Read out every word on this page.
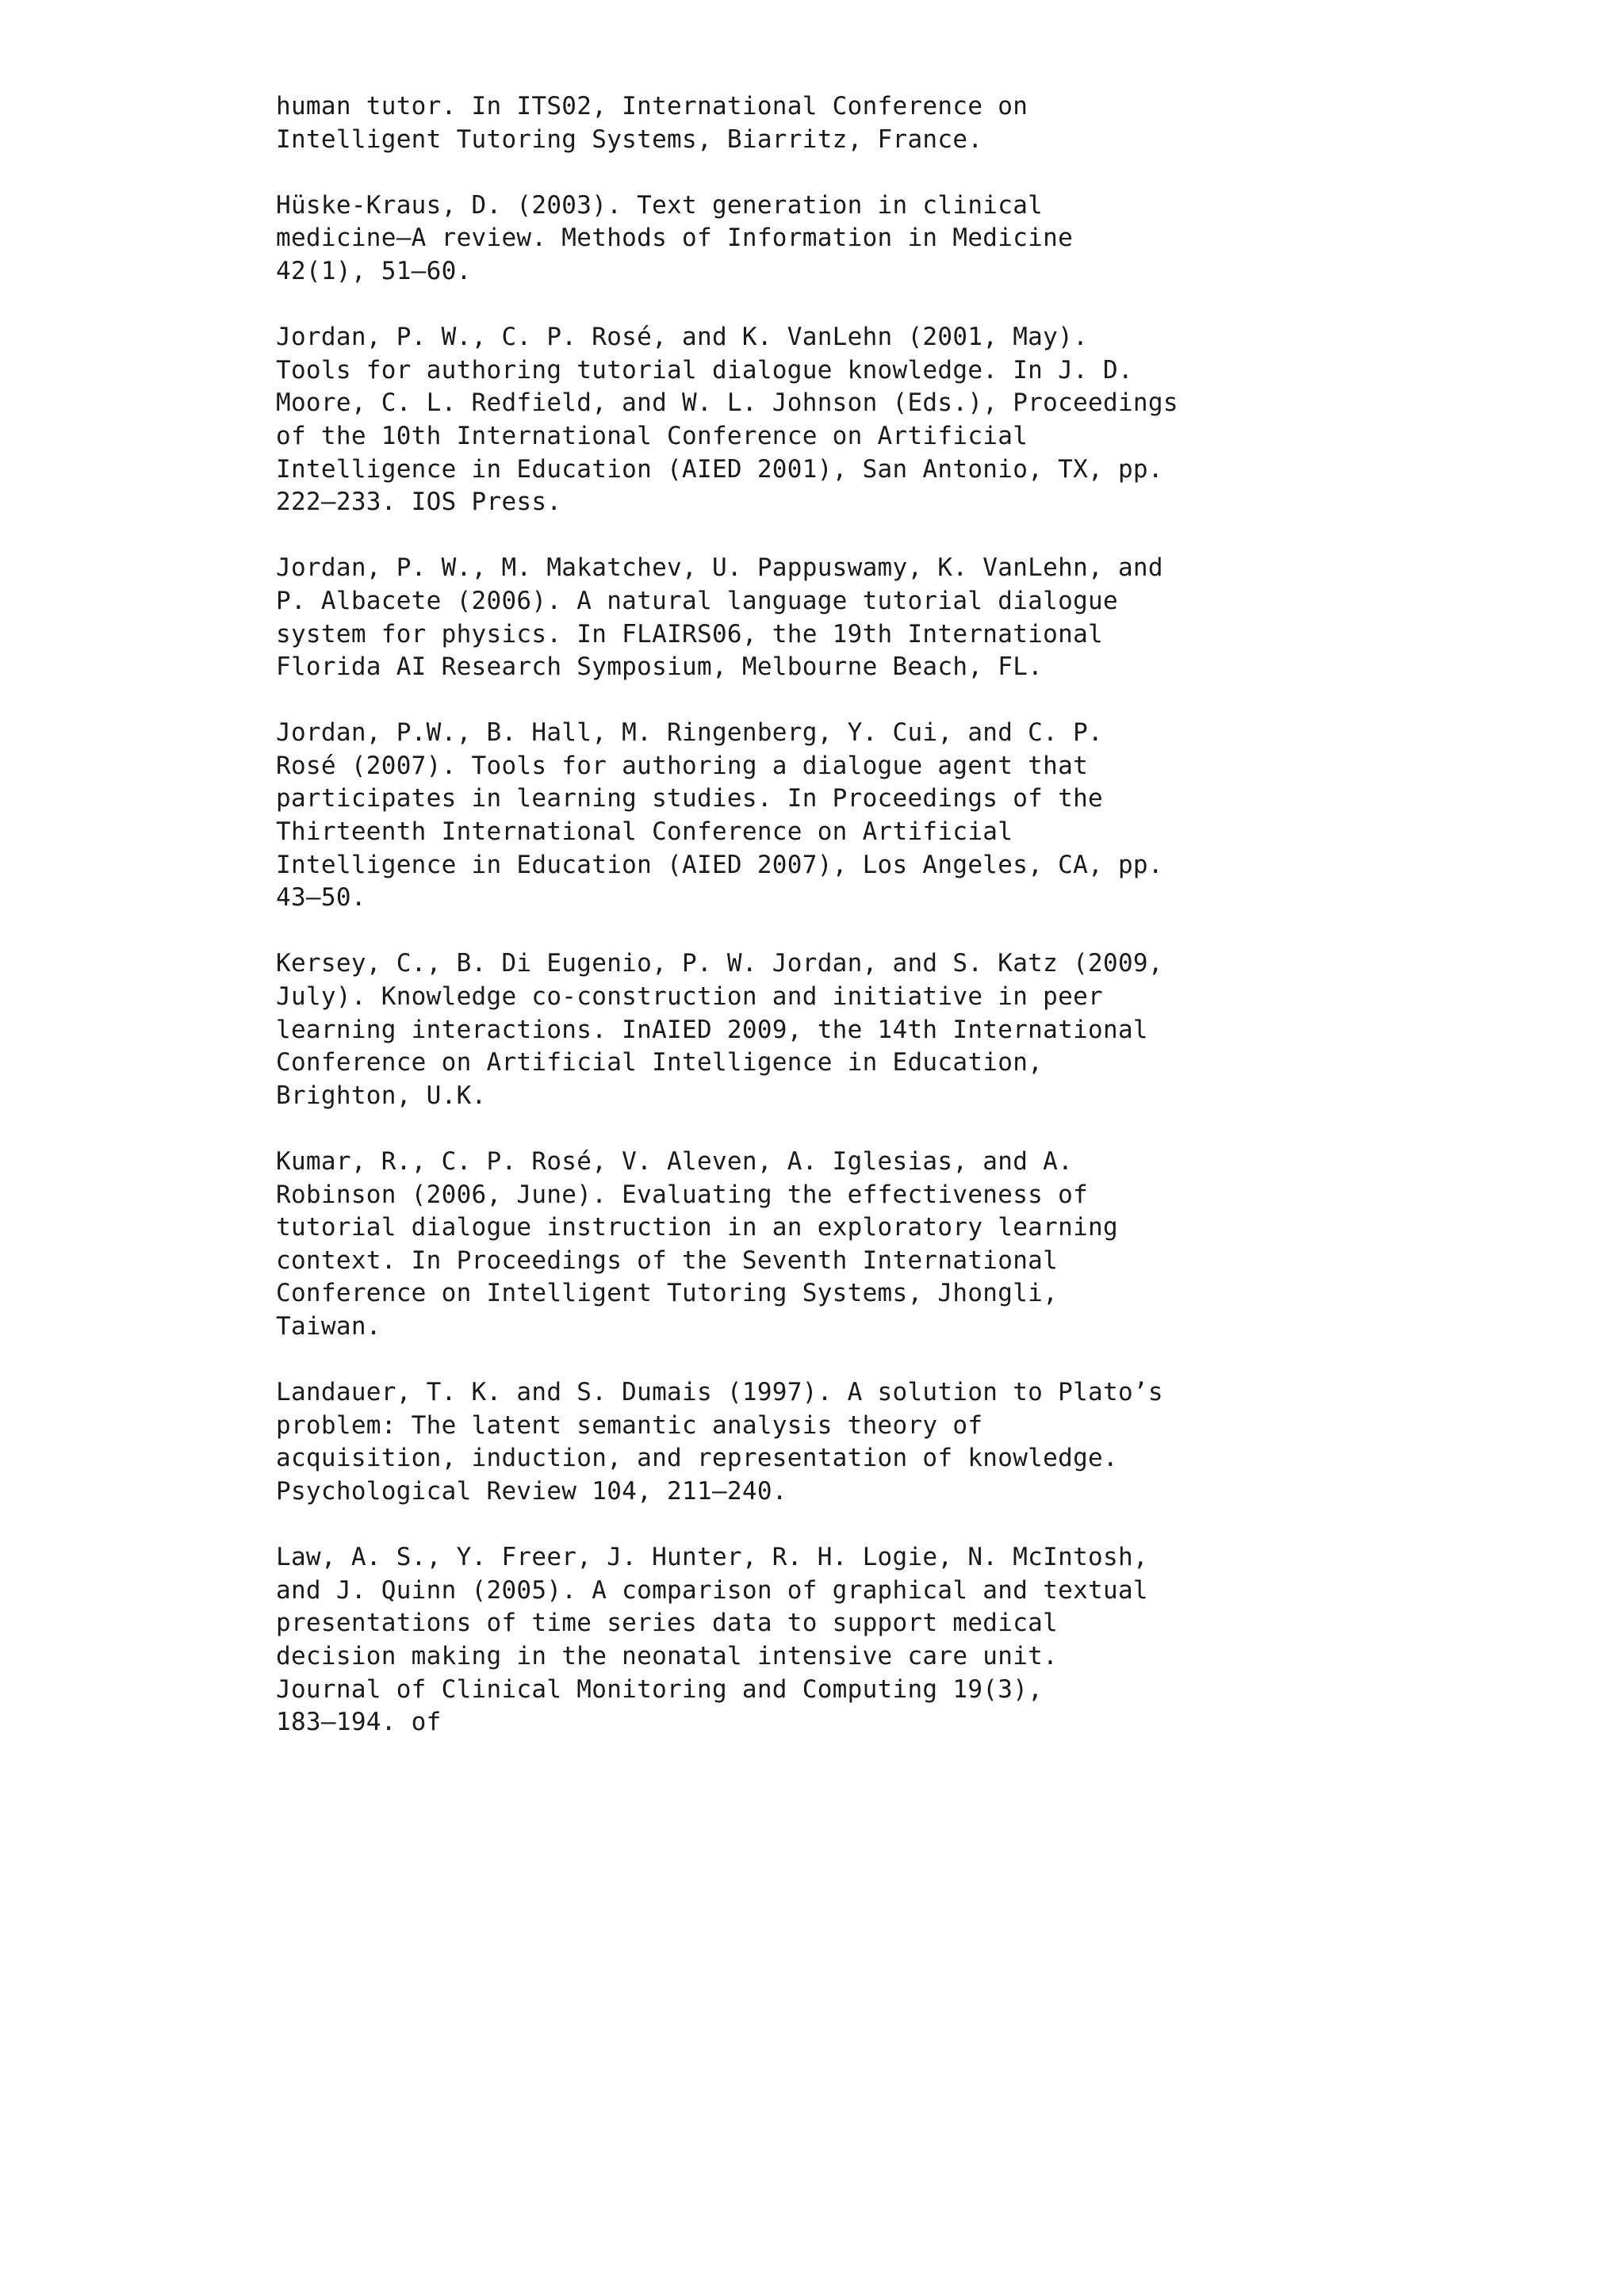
human tutor. In ITS02, International Conference on
Intelligent Tutoring Systems, Biarritz, France.
Hüske-Kraus, D. (2003). Text generation in clinical
medicine—A review. Methods of Information in Medicine
42(1), 51–60.
Jordan, P. W., C. P. Rosé, and K. VanLehn (2001, May).
Tools for authoring tutorial dialogue knowledge. In J. D.
Moore, C. L. Redfield, and W. L. Johnson (Eds.), Proceedings
of the 10th International Conference on Artificial
Intelligence in Education (AIED 2001), San Antonio, TX, pp.
222–233. IOS Press.
Jordan, P. W., M. Makatchev, U. Pappuswamy, K. VanLehn, and
P. Albacete (2006). A natural language tutorial dialogue
system for physics. In FLAIRS06, the 19th International
Florida AI Research Symposium, Melbourne Beach, FL.
Jordan, P.W., B. Hall, M. Ringenberg, Y. Cui, and C. P.
Rosé (2007). Tools for authoring a dialogue agent that
participates in learning studies. In Proceedings of the
Thirteenth International Conference on Artificial
Intelligence in Education (AIED 2007), Los Angeles, CA, pp.
43–50.
Kersey, C., B. Di Eugenio, P. W. Jordan, and S. Katz (2009,
July). Knowledge co-construction and initiative in peer
learning interactions. InAIED 2009, the 14th International
Conference on Artificial Intelligence in Education,
Brighton, U.K.
Kumar, R., C. P. Rosé, V. Aleven, A. Iglesias, and A.
Robinson (2006, June). Evaluating the effectiveness of
tutorial dialogue instruction in an exploratory learning
context. In Proceedings of the Seventh International
Conference on Intelligent Tutoring Systems, Jhongli,
Taiwan.
Landauer, T. K. and S. Dumais (1997). A solution to Plato’s
problem: The latent semantic analysis theory of
acquisition, induction, and representation of knowledge.
Psychological Review 104, 211–240.
Law, A. S., Y. Freer, J. Hunter, R. H. Logie, N. McIntosh,
and J. Quinn (2005). A comparison of graphical and textual
presentations of time series data to support medical
decision making in the neonatal intensive care unit.
Journal of Clinical Monitoring and Computing 19(3),
183–194. of
